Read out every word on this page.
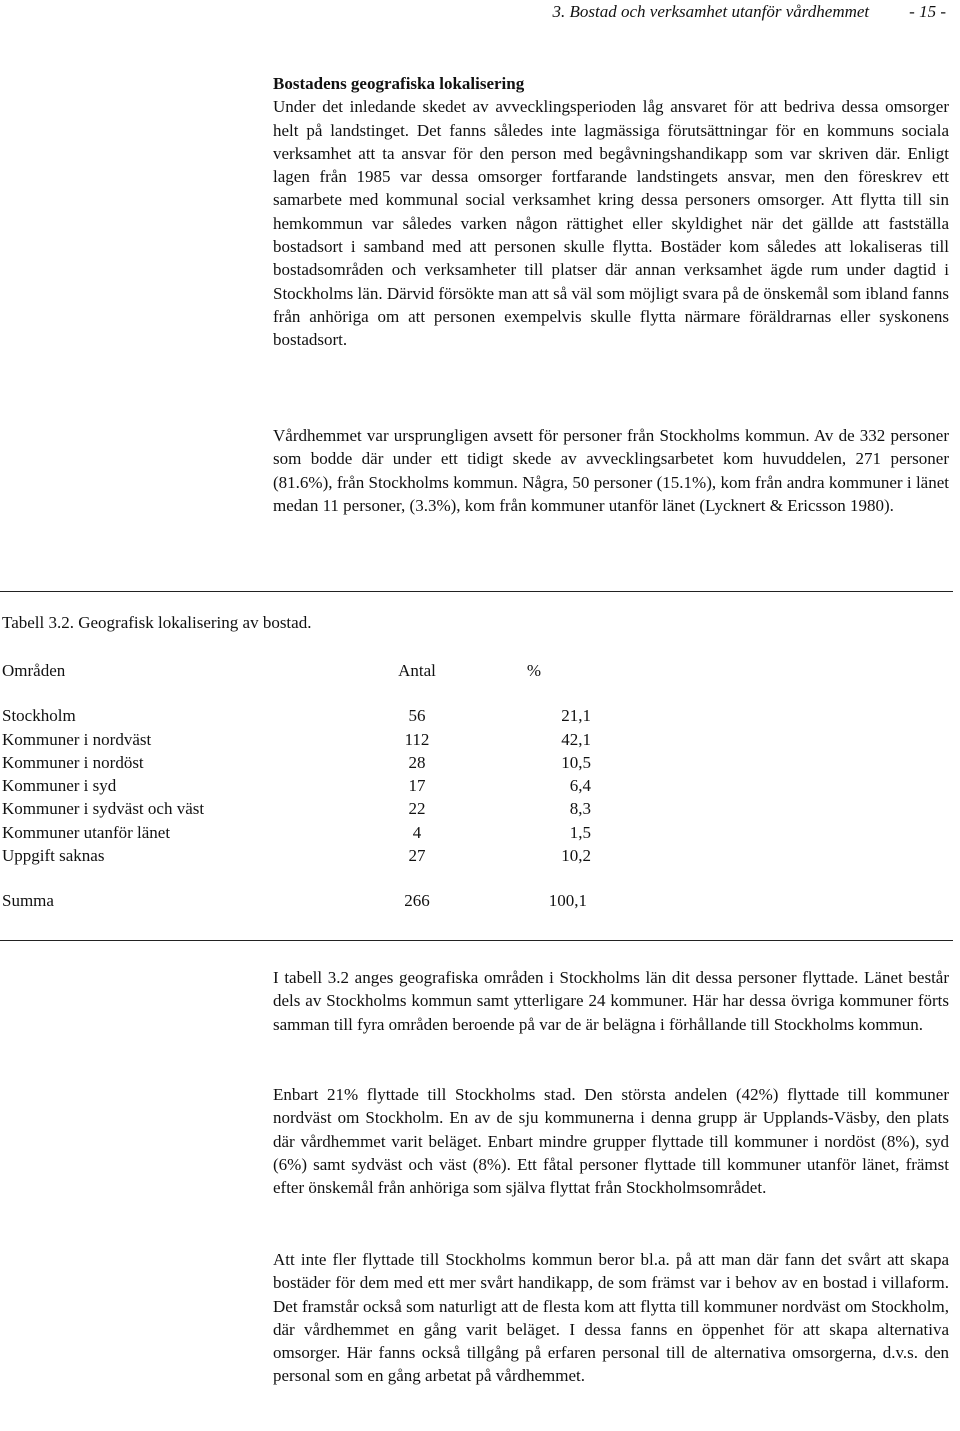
3. Bostad och verksamhet utanför vårdhemmet - 15 -

Bostadens geografiska lokalisering

Under det inledande skedet av avvecklingsperioden låg ansvaret för att bedriva dessa omsorger helt på landstinget. Det fanns således inte lagmässiga förutsättningar för en kommuns sociala verksamhet att ta ansvar för den person med begåvningshandikapp som var skriven där. Enligt lagen från 1985 var dessa omsorger fortfarande landstingets ansvar, men den föreskrev ett samarbete med kommunal social verksamhet kring dessa personers omsorger. Att flytta till sin hemkommun var således varken någon rättighet eller skyldighet när det gällde att fastställa bostadsort i samband med att personen skulle flytta. Bostäder kom således att lokaliseras till bostadsområden och verksamheter till platser där annan verksamhet ägde rum under dagtid i Stockholms län. Därvid försökte man att så väl som möjligt svara på de önskemål som ibland fanns från anhöriga om att personen exempelvis skulle flytta närmare föräldrarnas eller syskonens bostadsort.

Vårdhemmet var ursprungligen avsett för personer från Stockholms kommun. Av de 332 personer som bodde där under ett tidigt skede av avvecklingsarbetet kom huvuddelen, 271 personer (81.6%), från Stockholms kommun. Några, 50 personer (15.1%), kom från andra kommuner i länet medan 11 personer, (3.3%), kom från kommuner utanför länet (Lycknert & Ericsson 1980).

Tabell 3.2. Geografisk lokalisering av bostad.
Områden	Antal	%

Stockholm	56	21,1
Kommuner i nordväst	112	42,1
Kommuner i nordöst	28	10,5
Kommuner i syd	17	6,4
Kommuner i sydväst och väst	22	8,3
Kommuner utanför länet	4	1,5
Uppgift saknas	27	10,2

Summa	266	100,1

I tabell 3.2 anges geografiska områden i Stockholms län dit dessa personer flyttade. Länet består dels av Stockholms kommun samt ytterligare 24 kommuner. Här har dessa övriga kommuner förts samman till fyra områden beroende på var de är belägna i förhållande till Stockholms kommun.

Enbart 21% flyttade till Stockholms stad. Den största andelen (42%) flyttade till kommuner nordväst om Stockholm. En av de sju kommunerna i denna grupp är Upplands-Väsby, den plats där vårdhemmet varit beläget. Enbart mindre grupper flyttade till kommuner i nordöst (8%), syd (6%) samt sydväst och väst (8%). Ett fåtal personer flyttade till kommuner utanför länet, främst efter önskemål från anhöriga som själva flyttat från Stockholmsområdet.

Att inte fler flyttade till Stockholms kommun beror bl.a. på att man där fann det svårt att skapa bostäder för dem med ett mer svårt handikapp, de som främst var i behov av en bostad i villaform. Det framstår också som naturligt att de flesta kom att flytta till kommuner nordväst om Stockholm, där vårdhemmet en gång varit beläget. I dessa fanns en öppenhet för att skapa alternativa omsorger. Här fanns också tillgång på erfaren personal till de alternativa omsorgerna, d.v.s. den personal som en gång arbetat på vårdhemmet.
